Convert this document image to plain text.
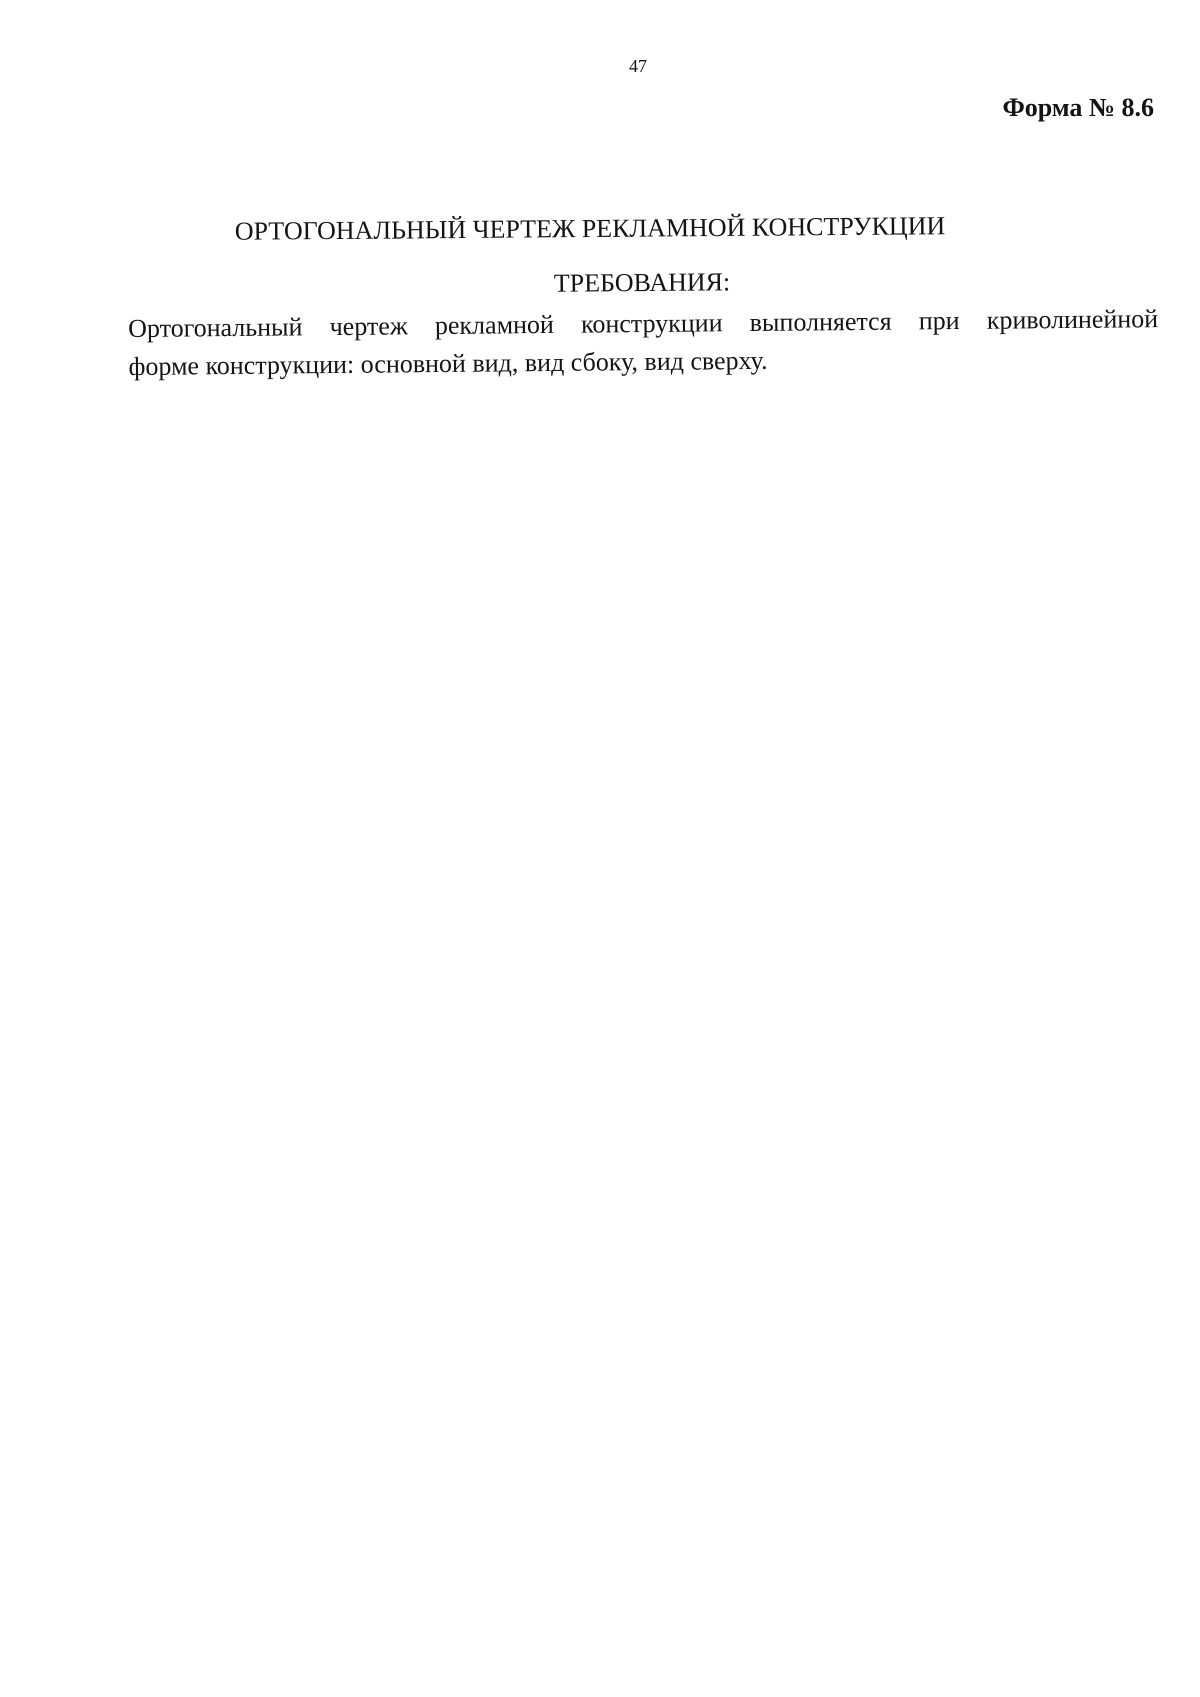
47
Форма № 8.6
ОРТОГОНАЛЬНЫЙ ЧЕРТЕЖ РЕКЛАМНОЙ КОНСТРУКЦИИ
ТРЕБОВАНИЯ:
Ортогональный чертеж рекламной конструкции выполняется при криволинейной
форме конструкции: основной вид, вид сбоку, вид сверху.
